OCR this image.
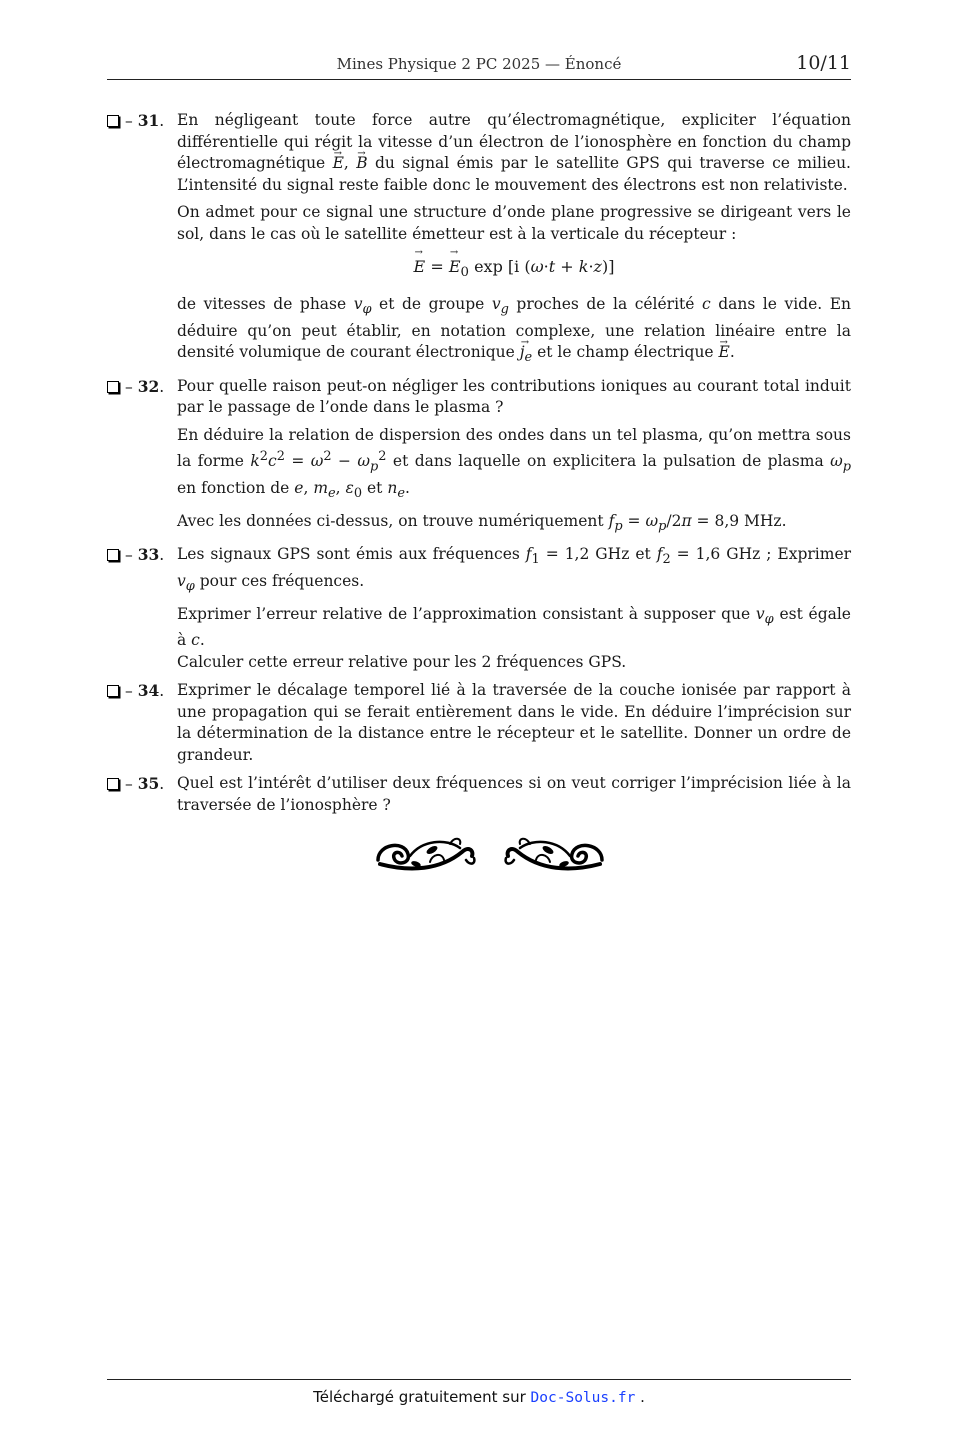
Mines Physique 2 PC 2025 — Énoncé	10/11
– 31. En négligeant toute force autre qu’électromagnétique, expliciter l’équation différentielle qui régit la vitesse d’un électron de l’ionosphère en fonction du champ électromagnétique → E, → B du signal émis par le satellite GPS qui traverse ce milieu. L’intensité du signal reste faible donc le mouvement des électrons est non relativiste.

On admet pour ce signal une structure d’onde plane progressive se dirigeant vers le sol, dans le cas où le satellite émetteur est à la verticale du récepteur :

→ E = → $E_0$ exp [i (ω·t + k·z)]

de vitesses de phase $v_\varphi$ et de groupe $v_g$ proches de la célérité c dans le vide. En déduire qu’on peut établir, en notation complexe, une relation linéaire entre la densité volumique de courant électronique → $j_e$ et le champ électrique → E.

– 32. Pour quelle raison peut-on négliger les contributions ioniques au courant total induit par le passage de l’onde dans le plasma ?

En déduire la relation de dispersion des ondes dans un tel plasma, qu’on mettra sous la forme $k^2c^2 = \omega^2 - \omega_p^2$ et dans laquelle on explicitera la pulsation de plasma $\omega_p$ en fonction de e, $m_e$, $\varepsilon_0$ et $n_e$.

Avec les données ci-dessus, on trouve numériquement $f_p = \omega_p/2\pi = 8,9$ MHz.

– 33. Les signaux GPS sont émis aux fréquences $f_1 = 1,2$ GHz et $f_2 = 1,6$ GHz ; Exprimer $v_\varphi$ pour ces fréquences.

Exprimer l’erreur relative de l’approximation consistant à supposer que $v_\varphi$ est égale à c.
Calculer cette erreur relative pour les 2 fréquences GPS.

– 34. Exprimer le décalage temporel lié à la traversée de la couche ionisée par rapport à une propagation qui se ferait entièrement dans le vide. En déduire l’imprécision sur la détermination de la distance entre le récepteur et le satellite. Donner un ordre de grandeur.

– 35. Quel est l’intérêt d’utiliser deux fréquences si on veut corriger l’imprécision liée à la traversée de l’ionosphère ?

Téléchargé gratuitement sur Doc-Solus.fr .
